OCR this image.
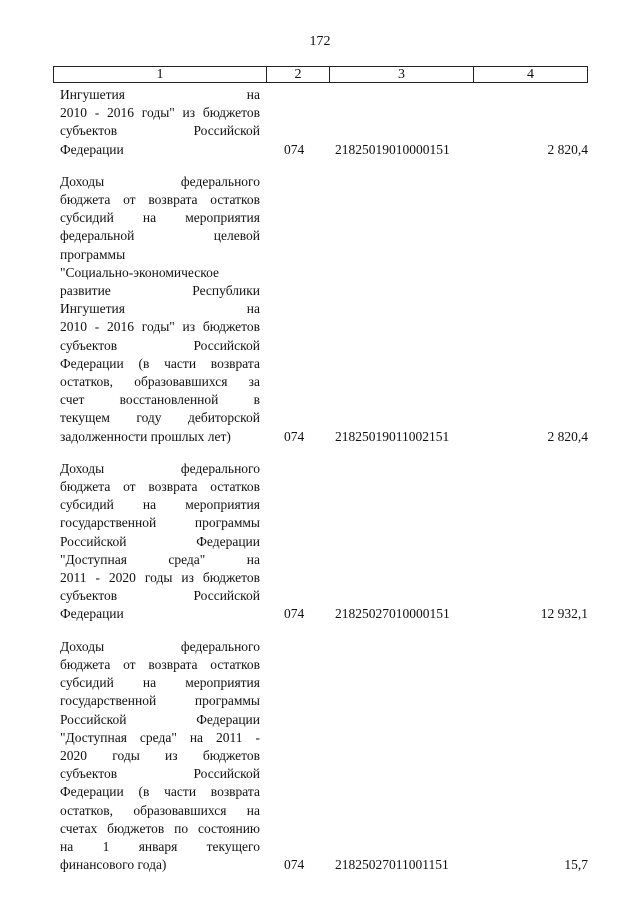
172
1	2	3	4
Ингушетия на
2010 - 2016 годы" из бюджетов
субъектов Российской
Федерации	074	21825019010000151	2 820,4
Доходы федерального
бюджета от возврата остатков
субсидий на мероприятия
федеральной целевой
программы
"Социально-экономическое
развитие Республики
Ингушетия на
2010 - 2016 годы" из бюджетов
субъектов Российской
Федерации (в части возврата
остатков, образовавшихся за
счет восстановленной в
текущем году дебиторской
задолженности прошлых лет)	074	21825019011002151	2 820,4
Доходы федерального
бюджета от возврата остатков
субсидий на мероприятия
государственной программы
Российской Федерации
"Доступная среда" на
2011 - 2020 годы из бюджетов
субъектов Российской
Федерации	074	21825027010000151	12 932,1
Доходы федерального
бюджета от возврата остатков
субсидий на мероприятия
государственной программы
Российской Федерации
"Доступная среда" на 2011 -
2020 годы из бюджетов
субъектов Российской
Федерации (в части возврата
остатков, образовавшихся на
счетах бюджетов по состоянию
на 1 января текущего
финансового года)	074	21825027011001151	15,7
